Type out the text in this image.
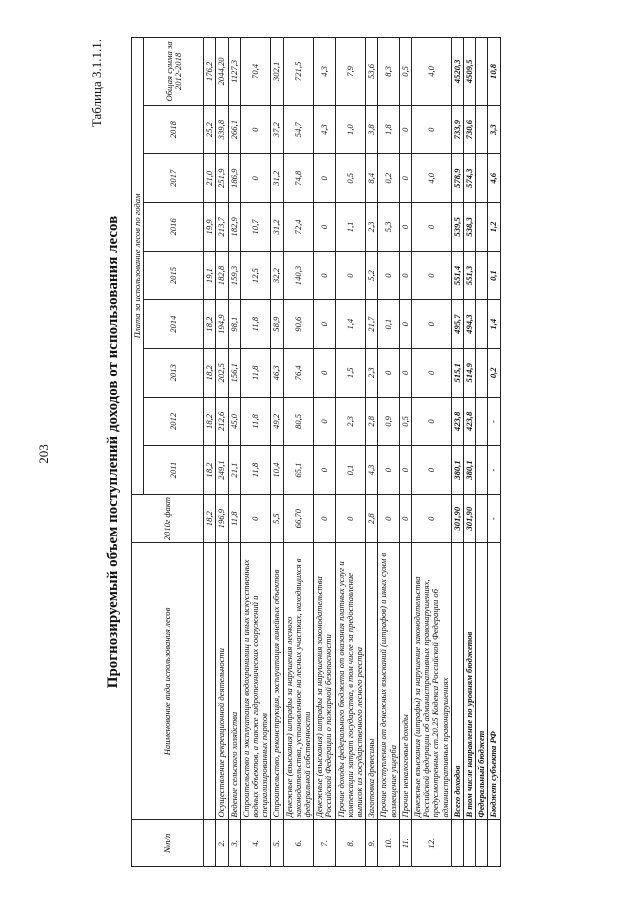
203
Таблица 3.1.1.1.
Прогнозируемый объем поступлений доходов от использования лесов
№п/п	Наименование вида использования лесов	2010г факт	Плата за использование лесов по годам								
			2011	2012	2013	2014	2015	2016	2017	2018	Общая сумма за 2012-2018
		18,2	18,2	18,2	18,2	18,2	19,1	19,9	21,0	25,2	176,2
2.	Осуществление рекреационной деятельности	196,9	249,1	212,6	202,5	194,9	182,8	213,7	251,9	339,8	2044,20
3.	Ведение сельского хозяйства	11,8	21,1	45,0	156,1	98,1	159,3	182,9	186,9	266,1	1127,3
4.	Строительство и эксплуатация водохранилищ и иных искусственных водных объектов, а также гидротехнических сооружений и специализированных портов	0	11,8	11,8	11,8	11,8	12,5	10,7	0	0	70,4
5.	Строительство, реконструкция, эксплуатация линейных объектов	5,5	10,4	49,2	46,3	58,9	32,2	31,2	31,2	37,2	302,1
6.	Денежные (взыскания) штрафы за нарушения лесного законодательства, установленное на лесных участках, находящихся в федеральной собственности	66,70	65,1	80,5	76,4	90,6	140,3	72,4	74,8	54,7	721,5
7.	Денежные (взыскания) штрафы за нарушения законодательства Российской Федерации о пожарной безопасности	0	0	0	0	0	0	0	0	4,3	4,3
8.	Прочие доходы федерального бюджета от оказания платных услуг и компенсации затрат государства, в том числе за предоставление выписок из государственного лесного реестра	0	0,1	2,3	1,5	1,4	0	1,1	0,5	1,0	7,9
9.	Заготовка древесины	2,8	4,3	2,8	2,3	21,7	5,2	2,3	8,4	3,8	53,6
10.	Прочие поступления от денежных взысканий (штрафов) и иных сумм в возмещение ущерба	0	0	0,9	0	0,1	0	5,3	0,2	1,8	8,3
11.	Прочие неналоговые доходы	0	0	0,5	0	0	0	0	0	0	0,5
12.	Денежные взыскания (штрафы) за нарушение законодательства Российской федерации об административных правонарушениях, предусмотренных ст.20.25 Кодекса Российской Федерации об административных правонарушениях	0	0	0	0	0	0	0	4,0	0	4,0
	Всего доходов	301,90	380,1	423,8	515,1	495,7	551,4	539,5	578,9	733,9	4520,3
	В том числе направление по уровням бюджетов	301,90	380,1	423,8	514,9	494,3	551,3	538,3	574,3	730,6	4509,5
	Федеральный бюджет										
	Бюджет субъекта РФ	-	-	-	0,2	1,4	0,1	1,2	4,6	3,3	10,8
